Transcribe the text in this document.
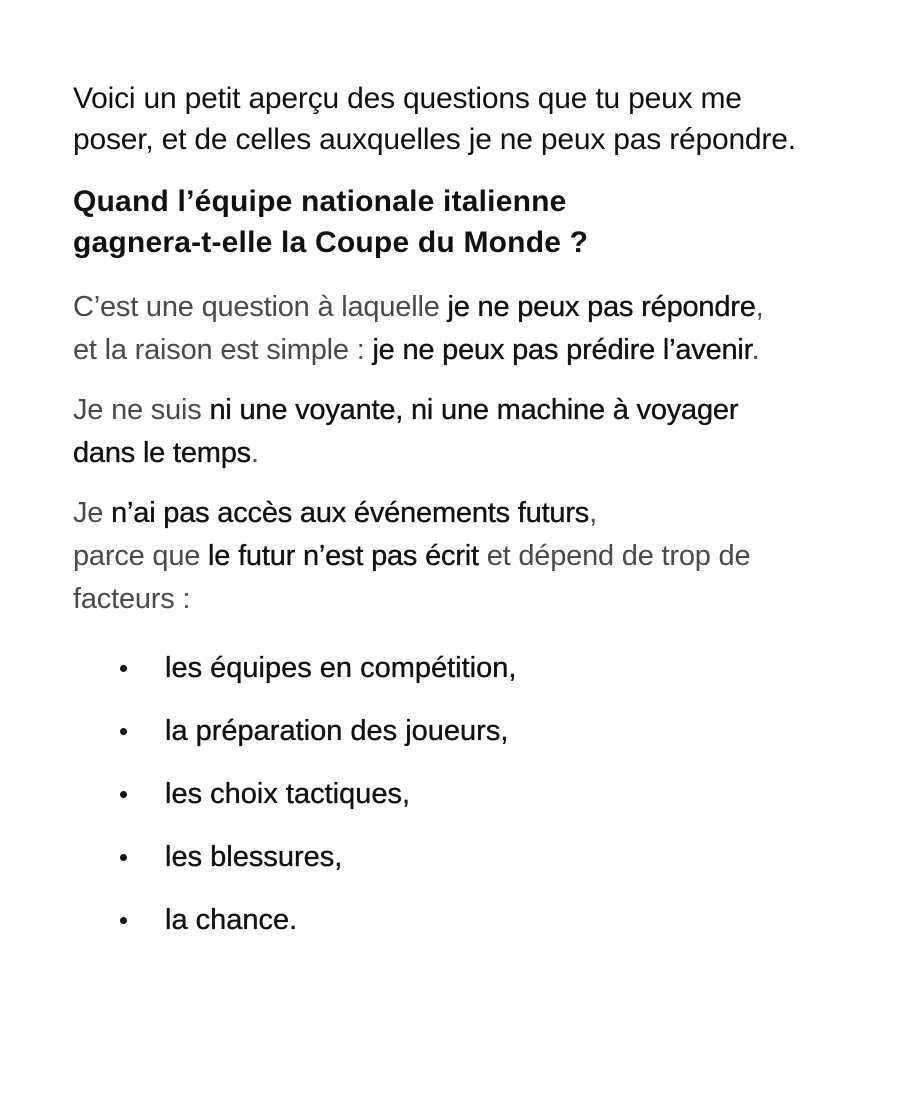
Voici un petit aperçu des questions que tu peux me
poser, et de celles auxquelles je ne peux pas répondre.

Quand l’équipe nationale italienne
gagnera-t-elle la Coupe du Monde ?

C’est une question à laquelle je ne peux pas répondre,
et la raison est simple : je ne peux pas prédire l’avenir.

Je ne suis ni une voyante, ni une machine à voyager
dans le temps.

Je n’ai pas accès aux événements futurs,
parce que le futur n’est pas écrit et dépend de trop de
facteurs :

les équipes en compétition,
la préparation des joueurs,
les choix tactiques,
les blessures,
la chance.
